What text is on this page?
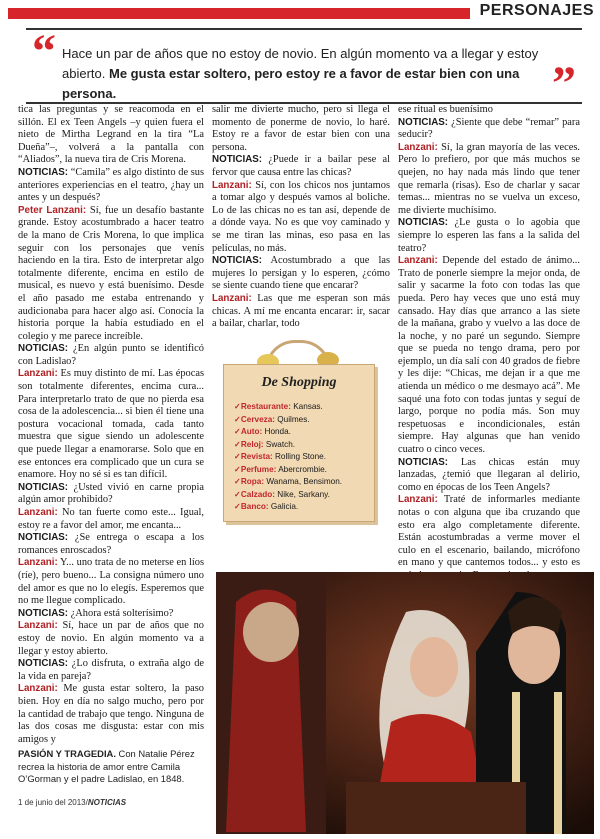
PERSONAJES
“ Hace un par de años que no estoy de novio. En algún momento va a llegar y estoy abierto. Me gusta estar soltero, pero estoy re a favor de estar bien con una persona.	”

tica las preguntas y se reacomoda en el sillón. El ex Teen Angels –y quien fuera el nieto de Mirtha Legrand en la tira “La Dueña”–, volverá a la pantalla con “Aliados”, la nueva tira de Cris Morena.

NOTICIAS: “Camila” es algo distinto de sus anteriores experiencias en el teatro, ¿hay un antes y un después?

Peter Lanzani: Sí, fue un desafío bastante grande. Estoy acostumbrado a hacer teatro de la mano de Cris Morena, lo que implica seguir con los personajes que venís haciendo en la tira. Esto de interpretar algo totalmente diferente, encima en estilo de musical, es nuevo y está buenísimo. Desde el año pasado me estaba entrenando y audicionaba para hacer algo así. Conocía la historia porque la había estudiado en el colegio y me parece increíble.

NOTICIAS: ¿En algún punto se identificó con Ladislao?

Lanzani: Es muy distinto de mí. Las épocas son totalmente diferentes, encima cura... Para interpretarlo trato de que no pierda esa cosa de la adolescencia... si bien él tiene una postura vocacional tomada, cada tanto muestra que sigue siendo un adolescente que puede llegar a enamorarse. Solo que en ese entonces era complicado que un cura se enamore. Hoy no sé si es tan difícil.

NOTICIAS: ¿Usted vivió en carne propia algún amor prohibido?

Lanzani: No tan fuerte como este... Igual, estoy re a favor del amor, me encanta...

NOTICIAS: ¿Se entrega o escapa a los romances enroscados?

Lanzani: Y... uno trata de no meterse en líos (ríe), pero bueno... La consigna número uno del amor es que no lo elegís. Esperemos que no me llegue complicado.

NOTICIAS: ¿Ahora está solterísimo?

Lanzani: Sí, hace un par de años que no estoy de novio. En algún momento va a llegar y estoy abierto.

NOTICIAS: ¿Lo disfruta, o extraña algo de la vida en pareja?

Lanzani: Me gusta estar soltero, la paso bien. Hoy en día no salgo mucho, pero por la cantidad de trabajo que tengo. Ninguna de las dos cosas me disgusta: estar con mis amigos y

salir me divierte mucho, pero si llega el momento de ponerme de novio, lo haré. Estoy re a favor de estar bien con una persona.

NOTICIAS: ¿Puede ir a bailar pese al fervor que causa entre las chicas?

Lanzani: Sí, con los chicos nos juntamos a tomar algo y después vamos al boliche. Lo de las chicas no es tan así, depende de a dónde vaya. No es que voy caminado y se me tiran las minas, eso pasa en las películas, no más.

NOTICIAS: Acostumbrado a que las mujeres lo persigan y lo esperen, ¿cómo se siente cuando tiene que encarar?

Lanzani: Las que me esperan son más chicas. A mí me encanta encarar: ir, sacar a bailar, charlar, todo

ese ritual es buenísimo

NOTICIAS: ¿Siente que debe “remar” para seducir?

Lanzani: Sí, la gran mayoría de las veces. Pero lo prefiero, por que más muchos se quejen, no hay nada más lindo que tener que remarla (risas). Eso de charlar y sacar temas... mientras no se vuelva un exceso, me divierte muchísimo.

NOTICIAS: ¿Le gusta o lo agobia que siempre lo esperen las fans a la salida del teatro?

Lanzani: Depende del estado de ánimo... Trato de ponerle siempre la mejor onda, de salir y sacarme la foto con todas las que pueda. Pero hay veces que uno está muy cansado. Hay días que arranco a las siete de la mañana, grabo y vuelvo a las doce de la noche, y no paré un segundo. Siempre que se pueda no tengo drama, pero por ejemplo, un día salí con 40 grados de fiebre y les dije: “Chicas, me dejan ir a que me atienda un médico o me desmayo acá”. Me saqué una foto con todas juntas y seguí de largo, porque no podía más. Son muy respetuosas e incondicionales, están siempre. Hay algunas que han venido cuatro o cinco veces.

NOTICIAS: Las chicas están muy lanzadas, ¿temió que llegaran al delirio, como en épocas de los Teen Angels?

Lanzani: Traté de informarles mediante notas o con alguna que iba cruzando que esto era algo completamente diferente. Están acostumbradas a verme mover el culo en el escenario, bailando, micrófono en mano y que cantemos todos... y esto es

De Shopping
✓ Restaurante: Kansas.
✓ Cerveza: Quilmes.
✓ Auto: Honda.
✓ Reloj: Swatch.
✓ Revista: Rolling Stone.
✓ Perfume: Abercrombie.
✓ Ropa: Wanama, Bensimon.
✓ Calzado: Nike, Sarkany.
✓ Banco: Galicia.
PASIÓN Y TRAGEDIA. Con Natalie Pérez recrea la historia de amor entre Camila O’Gorman y el padre Ladislao, en 1848.
1 de junio del 2013/NOTICIAS
